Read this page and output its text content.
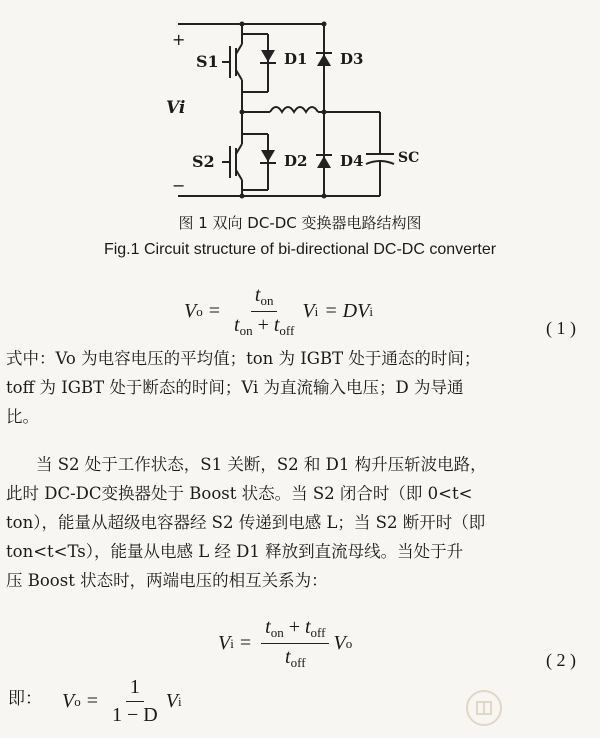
+
−
Vi
S1
S2
D1
D2
D3
D4 SC
图 1 双向 DC-DC 变换器电路结构图
Fig.1 Circuit structure of bi-directional DC-DC converter
V $o = \frac{t_{on}}{t_{on} + t_{off}}$ V i = DV i
( 1 )
式中：Vo 为电容电压的平均值；ton 为 IGBT 处于通态的时间；
toff 为 IGBT 处于断态的时间；Vi 为直流输入电压；D 为导通
比。
当 S2 处于工作状态，S1 关断，S2 和 D1 构升压斩波电路，
此时 DC-DC变换器处于 Boost 状态。当 S2 闭合时（即 0<t<
ton），能量从超级电容器经 S2 传递到电感 L；当 S2 断开时（即
ton<t<Ts），能量从电感 L 经 D1 释放到直流母线。当处于升
压 Boost 状态时，两端电压的相互关系为：
V $i = \frac{t_{on} + t_{off}}{t_{off}}$ V o
( 2 )
即： V $o = \frac{1}{1 - D}$ V i
